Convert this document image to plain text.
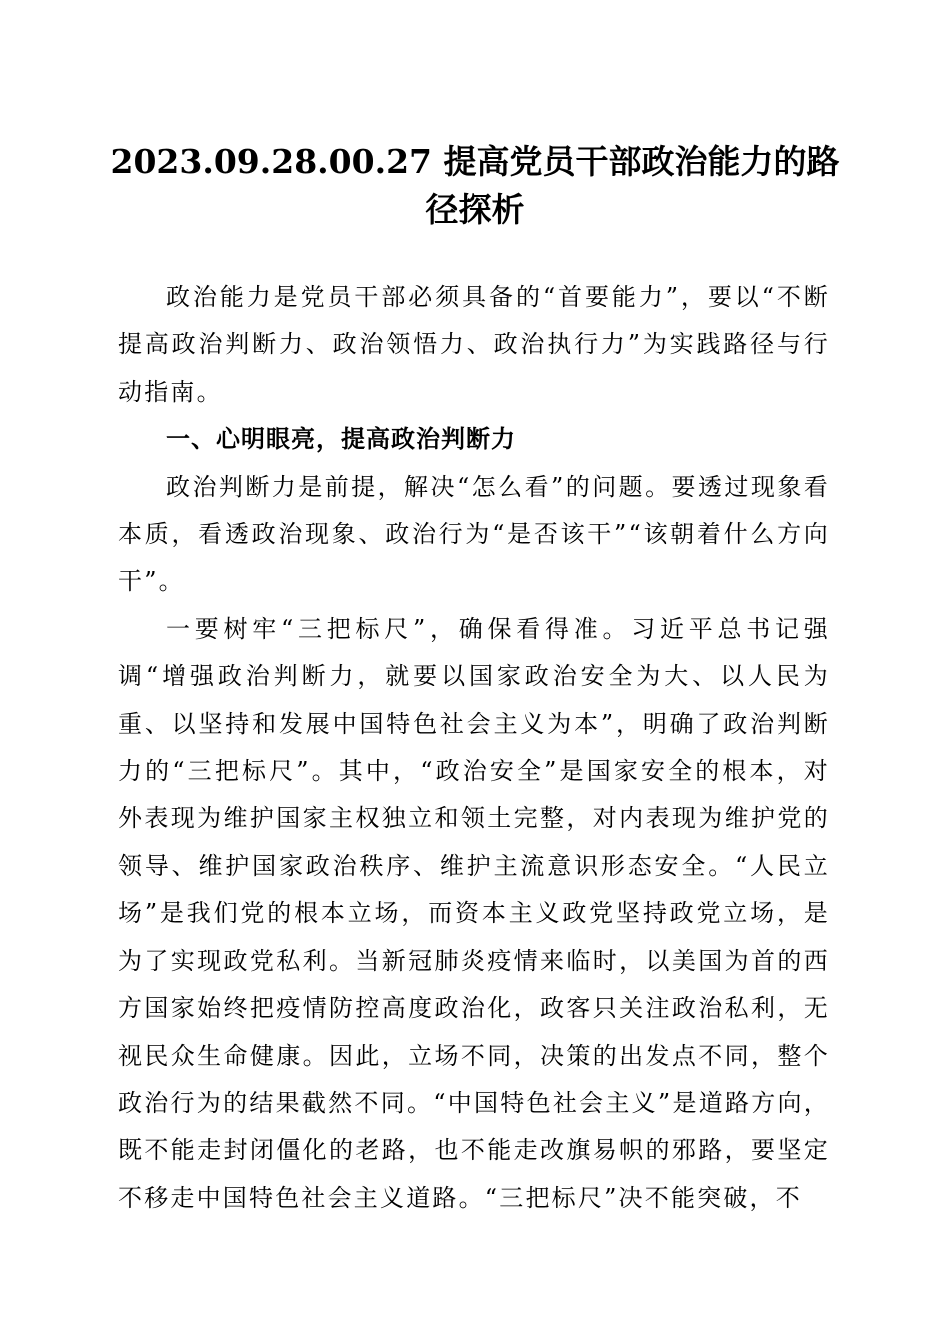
2023.09.28.00.27 提高党员干部政治能力的路
径探析

政治能力是党员干部必须具备的“首要能力”，要以“不断提高政治判断力、政治领悟力、政治执行力”为实践路径与行动指南。

一、心明眼亮，提高政治判断力

政治判断力是前提，解决“怎么看”的问题。要透过现象看本质，看透政治现象、政治行为“是否该干”“该朝着什么方向干”。

一要树牢“三把标尺”，确保看得准。习近平总书记强调“增强政治判断力，就要以国家政治安全为大、以人民为重、以坚持和发展中国特色社会主义为本”，明确了政治判断力的“三把标尺”。其中，“政治安全”是国家安全的根本，对外表现为维护国家主权独立和领土完整，对内表现为维护党的领导、维护国家政治秩序、维护主流意识形态安全。“人民立场”是我们党的根本立场，而资本主义政党坚持政党立场，是为了实现政党私利。当新冠肺炎疫情来临时，以美国为首的西方国家始终把疫情防控高度政治化，政客只关注政治私利，无视民众生命健康。因此，立场不同，决策的出发点不同，整个政治行为的结果截然不同。“中国特色社会主义”是道路方向，既不能走封闭僵化的老路，也不能走改旗易帜的邪路，要坚定不移走中国特色社会主义道路。“三把标尺”决不能突破，不
